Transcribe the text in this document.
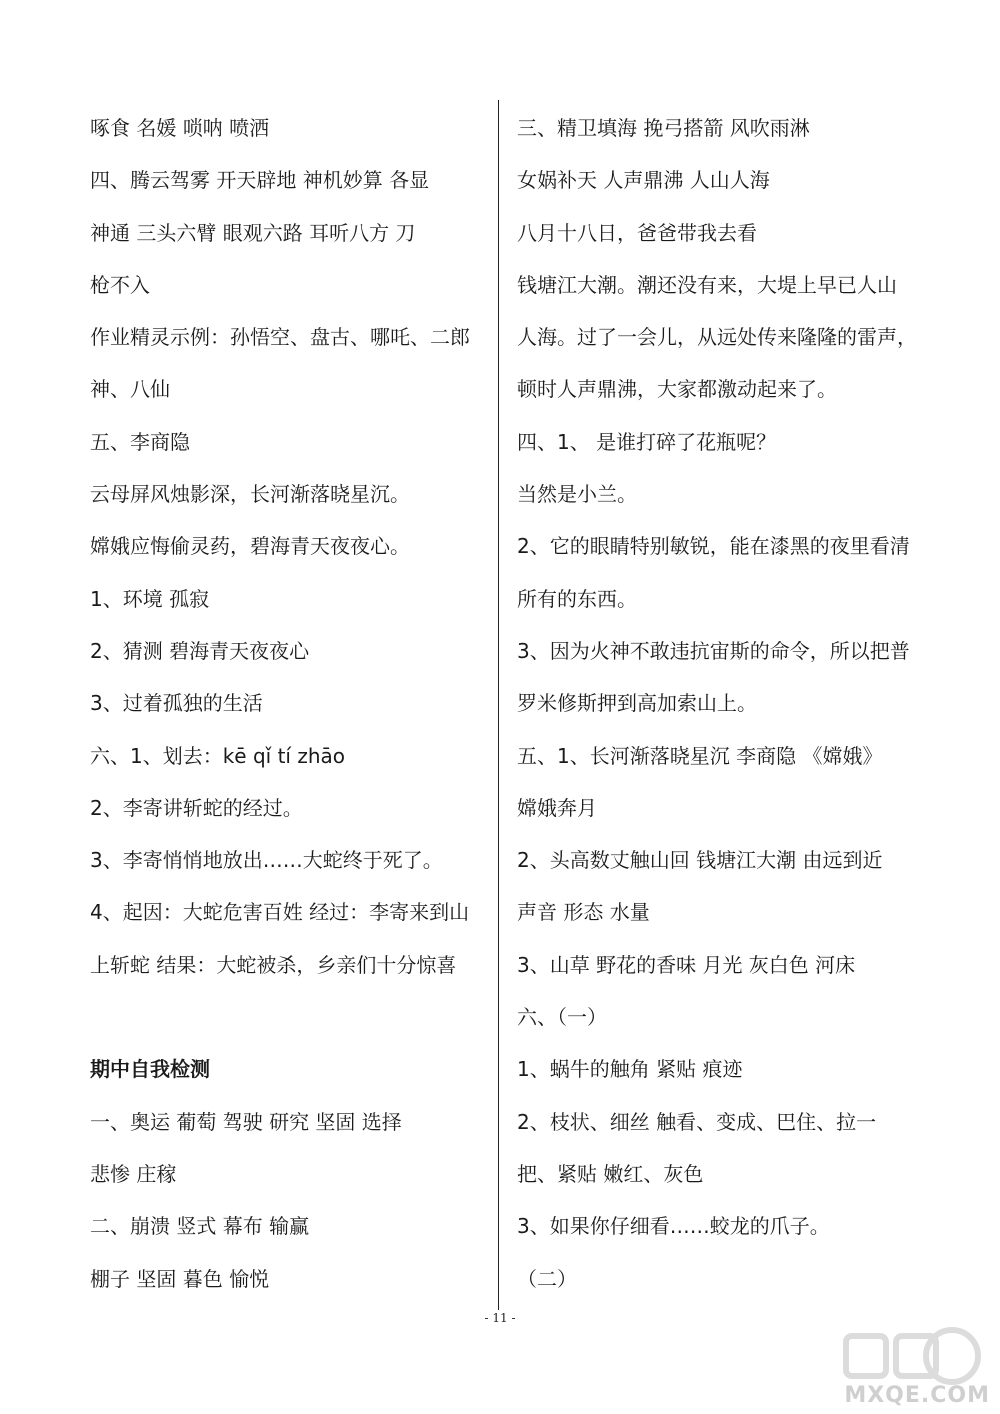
啄食 名媛 唢呐 喷洒
四、腾云驾雾 开天辟地 神机妙算 各显
神通 三头六臂 眼观六路 耳听八方 刀
枪不入
作业精灵示例：孙悟空、盘古、哪吒、二郎
神、八仙
五、李商隐
云母屏风烛影深，长河渐落晓星沉。
嫦娥应悔偷灵药，碧海青天夜夜心。
1、环境 孤寂
2、猜测 碧海青天夜夜心
3、过着孤独的生活
六、1、划去：kē qǐ tí zhāo
2、李寄讲斩蛇的经过。
3、李寄悄悄地放出……大蛇终于死了。
4、起因：大蛇危害百姓 经过：李寄来到山
上斩蛇 结果：大蛇被杀，乡亲们十分惊喜
期中自我检测
一、奥运 葡萄 驾驶 研究 坚固 选择
悲惨 庄稼
二、崩溃 竖式 幕布 输赢
棚子 坚固 暮色 愉悦
三、精卫填海 挽弓搭箭 风吹雨淋
女娲补天 人声鼎沸 人山人海
八月十八日，爸爸带我去看
钱塘江大潮。潮还没有来，大堤上早已人山
人海。过了一会儿，从远处传来隆隆的雷声，
顿时人声鼎沸，大家都激动起来了。
四、1、 是谁打碎了花瓶呢？
当然是小兰。
2、它的眼睛特别敏锐，能在漆黑的夜里看清
所有的东西。
3、因为火神不敢违抗宙斯的命令，所以把普
罗米修斯押到高加索山上。
五、1、长河渐落晓星沉 李商隐 《嫦娥》
嫦娥奔月
2、头高数丈触山回 钱塘江大潮 由远到近
声音 形态 水量
3、山草 野花的香味 月光 灰白色 河床
六、（一）
1、蜗牛的触角 紧贴 痕迹
2、枝状、细丝 触看、变成、巴住、拉一
把、紧贴 嫩红、灰色
3、如果你仔细看……蛟龙的爪子。
（二）
- 11 -
MXQE.COM
